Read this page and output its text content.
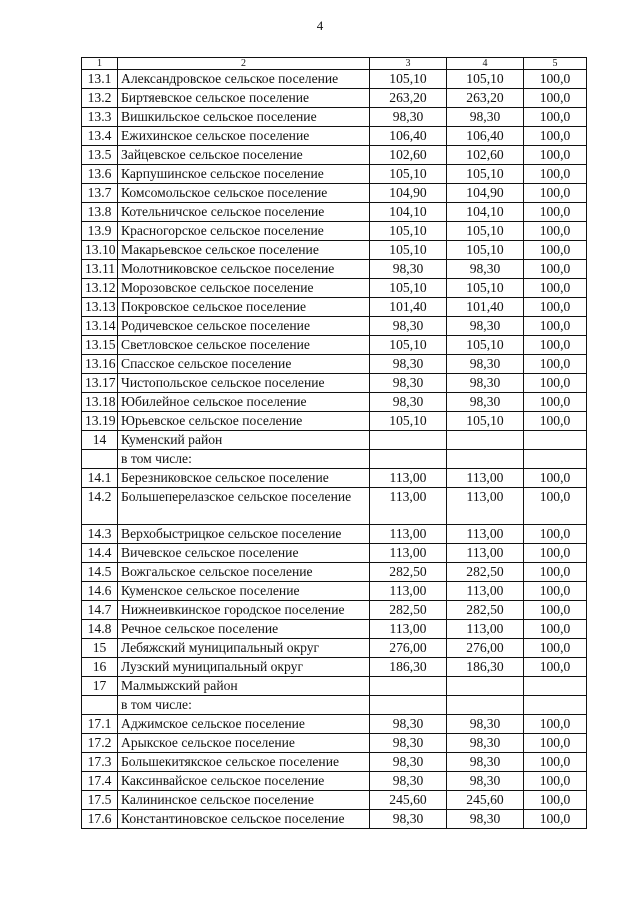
4
1	2	3	4	5
13.1	Александровское сельское поселение	105,10	105,10	100,0
13.2	Биртяевское сельское поселение	263,20	263,20	100,0
13.3	Вишкильское сельское поселение	98,30	98,30	100,0
13.4	Ежихинское сельское поселение	106,40	106,40	100,0
13.5	Зайцевское сельское поселение	102,60	102,60	100,0
13.6	Карпушинское сельское поселение	105,10	105,10	100,0
13.7	Комсомольское сельское поселение	104,90	104,90	100,0
13.8	Котельничское сельское поселение	104,10	104,10	100,0
13.9	Красногорское сельское поселение	105,10	105,10	100,0
13.10	Макарьевское сельское поселение	105,10	105,10	100,0
13.11	Молотниковское сельское поселение	98,30	98,30	100,0
13.12	Морозовское сельское поселение	105,10	105,10	100,0
13.13	Покровское сельское поселение	101,40	101,40	100,0
13.14	Родичевское сельское поселение	98,30	98,30	100,0
13.15	Светловское сельское поселение	105,10	105,10	100,0
13.16	Спасское сельское поселение	98,30	98,30	100,0
13.17	Чистопольское сельское поселение	98,30	98,30	100,0
13.18	Юбилейное сельское поселение	98,30	98,30	100,0
13.19	Юрьевское сельское поселение	105,10	105,10	100,0
14	Куменский район			
	в том числе:			
14.1	Березниковское сельское поселение	113,00	113,00	100,0
14.2	Большеперелазское сельское поселение	113,00	113,00	100,0
14.3	Верхобыстрицкое сельское поселение	113,00	113,00	100,0
14.4	Вичевское сельское поселение	113,00	113,00	100,0
14.5	Вожгальское сельское поселение	282,50	282,50	100,0
14.6	Куменское сельское поселение	113,00	113,00	100,0
14.7	Нижнеивкинское городское поселение	282,50	282,50	100,0
14.8	Речное сельское поселение	113,00	113,00	100,0
15	Лебяжский муниципальный округ	276,00	276,00	100,0
16	Лузский муниципальный округ	186,30	186,30	100,0
17	Малмыжский район			
	в том числе:			
17.1	Аджимское сельское поселение	98,30	98,30	100,0
17.2	Арыкское сельское поселение	98,30	98,30	100,0
17.3	Большекитякское сельское поселение	98,30	98,30	100,0
17.4	Каксинвайское сельское поселение	98,30	98,30	100,0
17.5	Калининское сельское поселение	245,60	245,60	100,0
17.6	Константиновское сельское поселение	98,30	98,30	100,0
